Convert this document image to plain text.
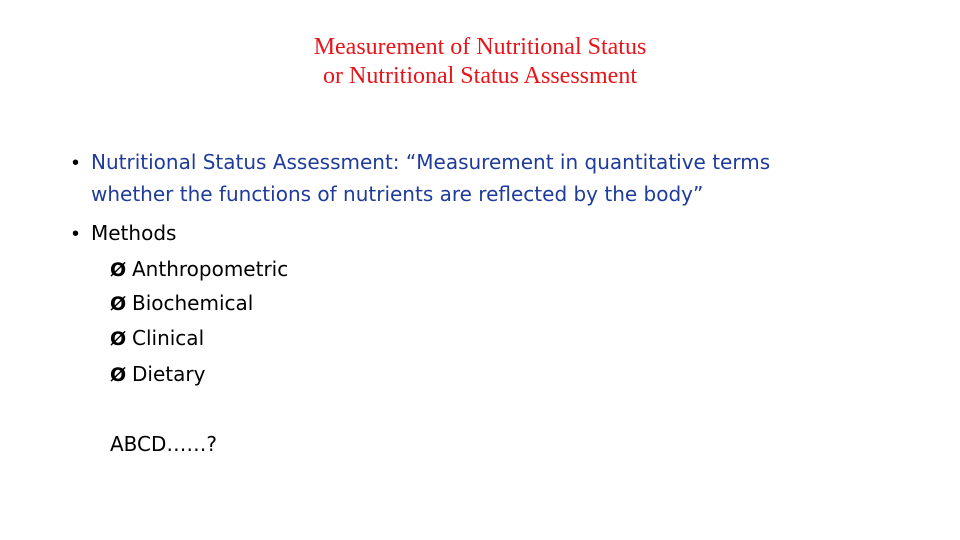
Measurement of Nutritional Status
or Nutritional Status Assessment
• Nutritional Status Assessment: “Measurement in quantitative terms
whether the functions of nutrients are reflected by the body”
• Methods
Ø Anthropometric
Ø Biochemical
Ø Clinical
Ø Dietary
ABCD……?
